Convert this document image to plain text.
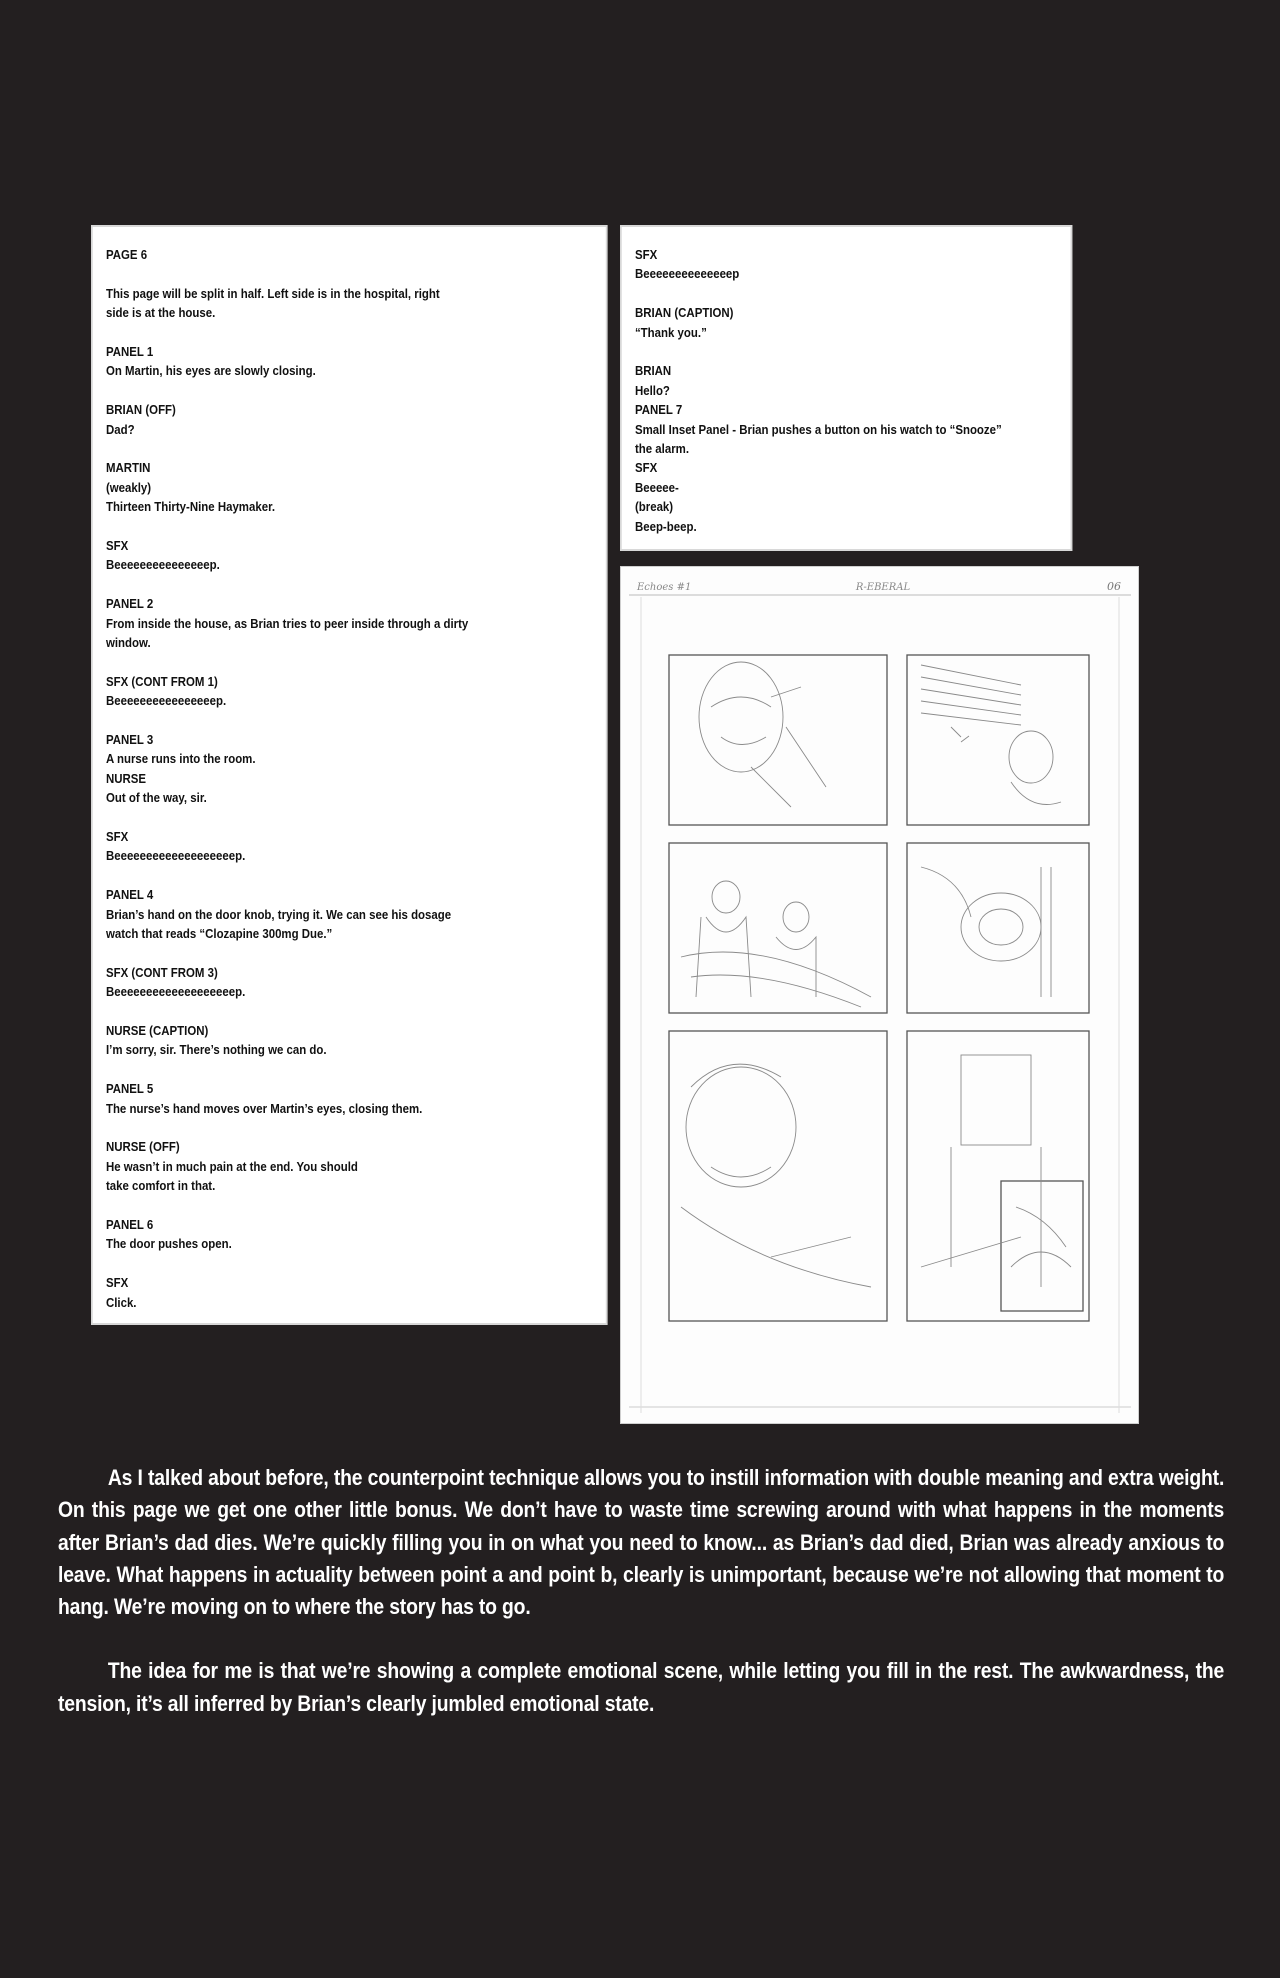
PAGE 6

This page will be split in half. Left side is in the hospital, right
side is at the house.

PANEL 1
On Martin, his eyes are slowly closing.

BRIAN (OFF)
Dad?

MARTIN
(weakly)
Thirteen Thirty-Nine Haymaker.

SFX
Beeeeeeeeeeeeeeep.

PANEL 2
From inside the house, as Brian tries to peer inside through a dirty
window.

SFX (CONT FROM 1)
Beeeeeeeeeeeeeeeep.

PANEL 3
A nurse runs into the room.
NURSE
Out of the way, sir.

SFX
Beeeeeeeeeeeeeeeeeeep.

PANEL 4
Brian’s hand on the door knob, trying it. We can see his dosage
watch that reads “Clozapine 300mg Due.”

SFX (CONT FROM 3)
Beeeeeeeeeeeeeeeeeeep.

NURSE (CAPTION)
I’m sorry, sir. There’s nothing we can do.

PANEL 5
The nurse’s hand moves over Martin’s eyes, closing them.

NURSE (OFF)
He wasn’t in much pain at the end. You should
take comfort in that.

PANEL 6
The door pushes open.

SFX
Click.

SFX
Beeeeeeeeeeeeeep

BRIAN (CAPTION)
“Thank you.”

BRIAN
Hello?
PANEL 7
Small Inset Panel - Brian pushes a button on his watch to “Snooze”
the alarm.
SFX
Beeeee-
(break)
Beep-beep.

Echoes #1	R-EBERAL	06

As I talked about before, the counterpoint technique allows you to instill information with double meaning and extra weight. On this page we get one other little bonus. We don’t have to waste time screwing around with what happens in the moments after Brian’s dad dies. We’re quickly filling you in on what you need to know... as Brian’s dad died, Brian was already anxious to leave. What happens in actuality between point a and point b, clearly is unimportant, because we’re not allowing that moment to hang. We’re moving on to where the story has to go.

The idea for me is that we’re showing a complete emotional scene, while letting you fill in the rest. The awkwardness, the tension, it’s all inferred by Brian’s clearly jumbled emotional state.
